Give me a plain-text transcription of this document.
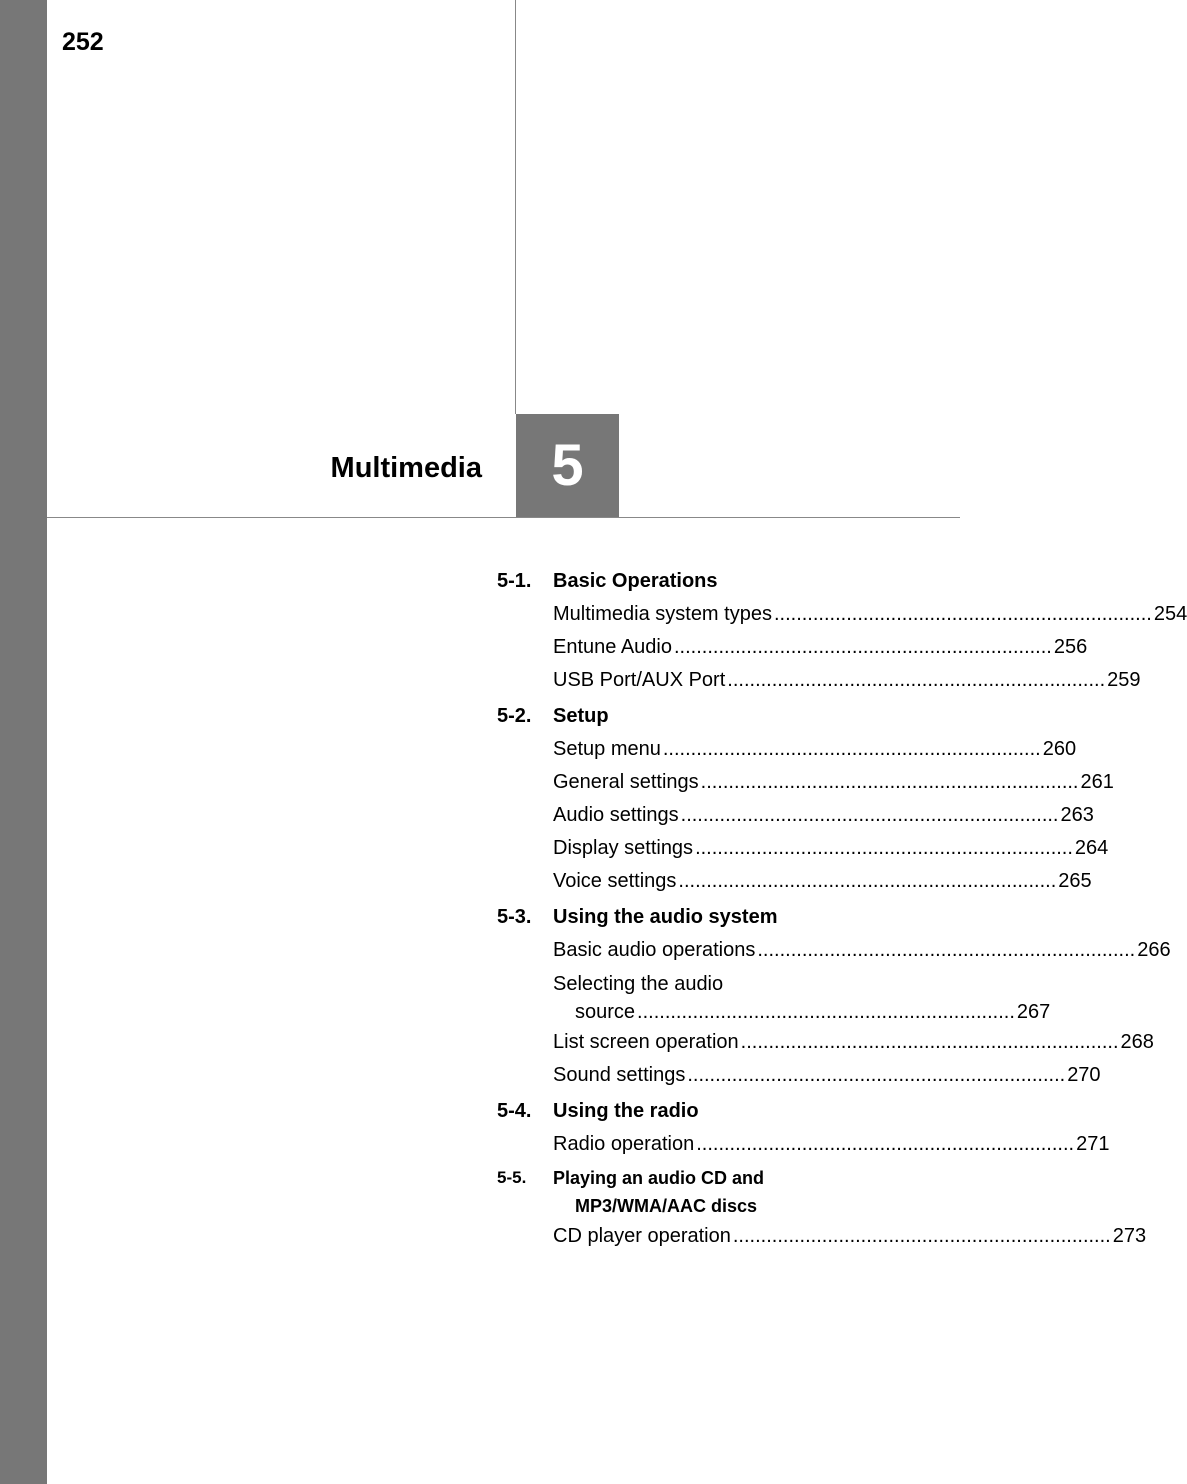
252
Multimedia 5
5-1.	Basic Operations
Multimedia system types .................................................................... 254
Entune Audio .................................................................... 256
USB Port/AUX Port .................................................................... 259
5-2.	Setup
Setup menu .................................................................... 260
General settings .................................................................... 261
Audio settings .................................................................... 263
Display settings .................................................................... 264
Voice settings .................................................................... 265
5-3.	Using the audio system
Basic audio operations .................................................................... 266
Selecting the audio
source .................................................................... 267
List screen operation .................................................................... 268
Sound settings .................................................................... 270
5-4.	Using the radio
Radio operation .................................................................... 271
5-5.	Playing an audio CD and
MP3/WMA/AAC discs
CD player operation .................................................................... 273
